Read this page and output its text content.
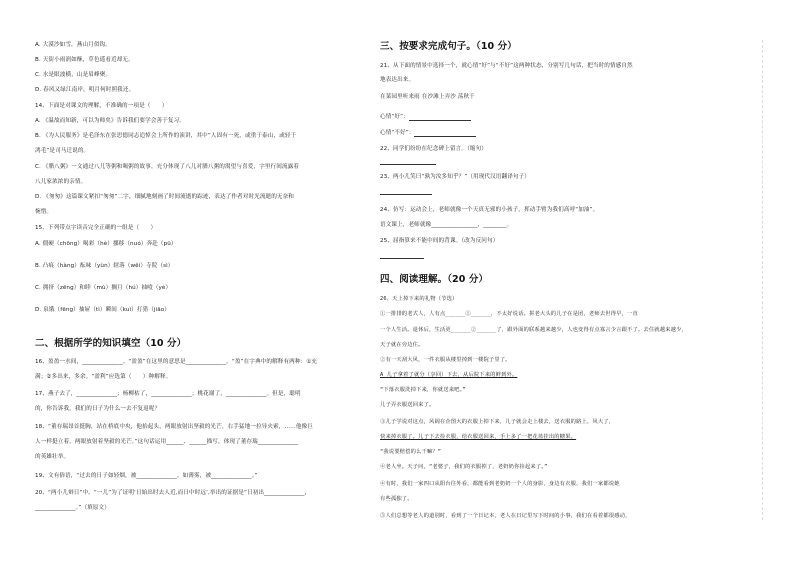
A. 大漠沙如雪，燕山月似钩。
B. 天街小雨润如酥，草色遥看近却无。
C. 水是眼波横，山是眉峰聚。
D. 春风又绿江南岸，明月何时照我还。
14、下面是对课文的理解，不准确的一项是（　　）
A. 《温故而知新，可以为师矣》告诉我们要学会善于复习。
B. 《为人民服务》是毛泽东在张思德同志追悼会上所作的演讲，其中“人固有一死，或重于泰山，或轻于
鸿毛”是司马迁说的。
C. 《腊八粥》一文通过八儿等粥和喝粥的故事，充分体现了八儿对腊八粥的渴望与喜爱，字里行间流露着
八儿家浓浓的亲情。
D. 《匆匆》这篇课文紧扣“匆匆”二字，细腻地刻画了时间流逝的踪迹，表达了作者对时光流逝的无奈和
惋惜。
15、下列带点字读音完全正确的一组是（　　）
A. 僵硬（chōng）喝彩（hè）挪移（nuó）奔赴（pū）
B. 凸痕（hàng）酝味（yùn）辖落（wěi）寺院（sì）
C. 拥挤（zēng）和睦（mù）搁月（hú）抽噎（yè）
D. 泉饿（fēng）抽屉（tì）瞬间（kuì）打猎（jiāo）
二、根据所学的知识填空（10 分）
16、盈盈一水间，______________。“盈盈”在这里的意思是______________。“盈”在字典中的解释有两种：①充
满；②多出来，多余。“盈利”应选第（　　）种解释。
17、燕子去了，______________；杨柳枯了，______________；桃花谢了，______________。但是，聪明
的，你告诉我，我们的日子为什么一去不复返呢？
18、“董存瑞昂首挺胸，站在桥底中央，他抬起头，两眼放射出坚毅的光芒，右手猛地一拉导火索，……他像巨
人一样挺立着，两眼放射着坚毅的光芒。”这句话运用______、______描写，体现了董存瑞______________
的英雄壮举。
19、文有俗语，“过去的日子如轻烟，被______________，如薄雾，被______________。”
20、“两小儿辩日”中，“一儿”为了证明‘日始出时去人近,而日中时远’,举出的证据是“日初出______________，
______________。”（填原文）
三、按要求完成句子。（10 分）
21、从下面的情景中选择一个，就心情“好”与“不好”这两种状态，分别写几句话，把当时的情感自然
地表达出来。
在菜园里听来雨 在沙滩上弄沙 荡秋千
心情“好”：
心情“不好”：
22、同学们纷纷在纪念碑上留言。（缩句）
23、两小儿笑曰“孰为汝多知乎？”（用现代汉语翻译句子）
24、仿写：运动会上，老师就像一个天真无邪的小孩子，挥动手臂为我们高呼“加油”。
语文课上，老师就像________________，________。
25、屈指算来不能中间的背课。（改为反问句）
四、阅读理解。（20 分）
26、天上掉下来的礼物（节选）
①一排排的老式人，人有点______①______，不太好说话。拼老大头的儿子在是团，老师去世得早，一直
一个人生活。退休后，生活更______②______了，跟外面的联系越来越少，人也变得有点寡言少言跟不了。去住就越来越少，
天子就在旁边住。
②有一天刮大风，一件衣服从楼里掉到一楼院子里了。
A 儿子拿着了就分（享回）下去，从后院下来的鲜到外。
“下落衣服洗掉下来，你就送来吧。”
儿子弄衣服送回来了。
③儿子学说对这点，风阔在企图大的衣服上掉下来，儿子就会走上楼去，送衣服的路上，风大了，
快来掉衣服了。儿子下去捡衣服，给衣服送回来，手上多了一把花蓝挂出的糖果。
“我说要赔偿的么干嘛？”
④老人坐。天子问，“老婆子，我们的衣服掉了，老奶奶你捡起来了。”
④有时，我们一家四口从阳台往外看，都能看到老奶奶一个人的身影，身边有衣服，我们一家都说她
有些孤独了。
⑤人们总想等老人的道别时，看到了一个日记本，老人在日记里写下时间的小事，我们在看着都很感动，
